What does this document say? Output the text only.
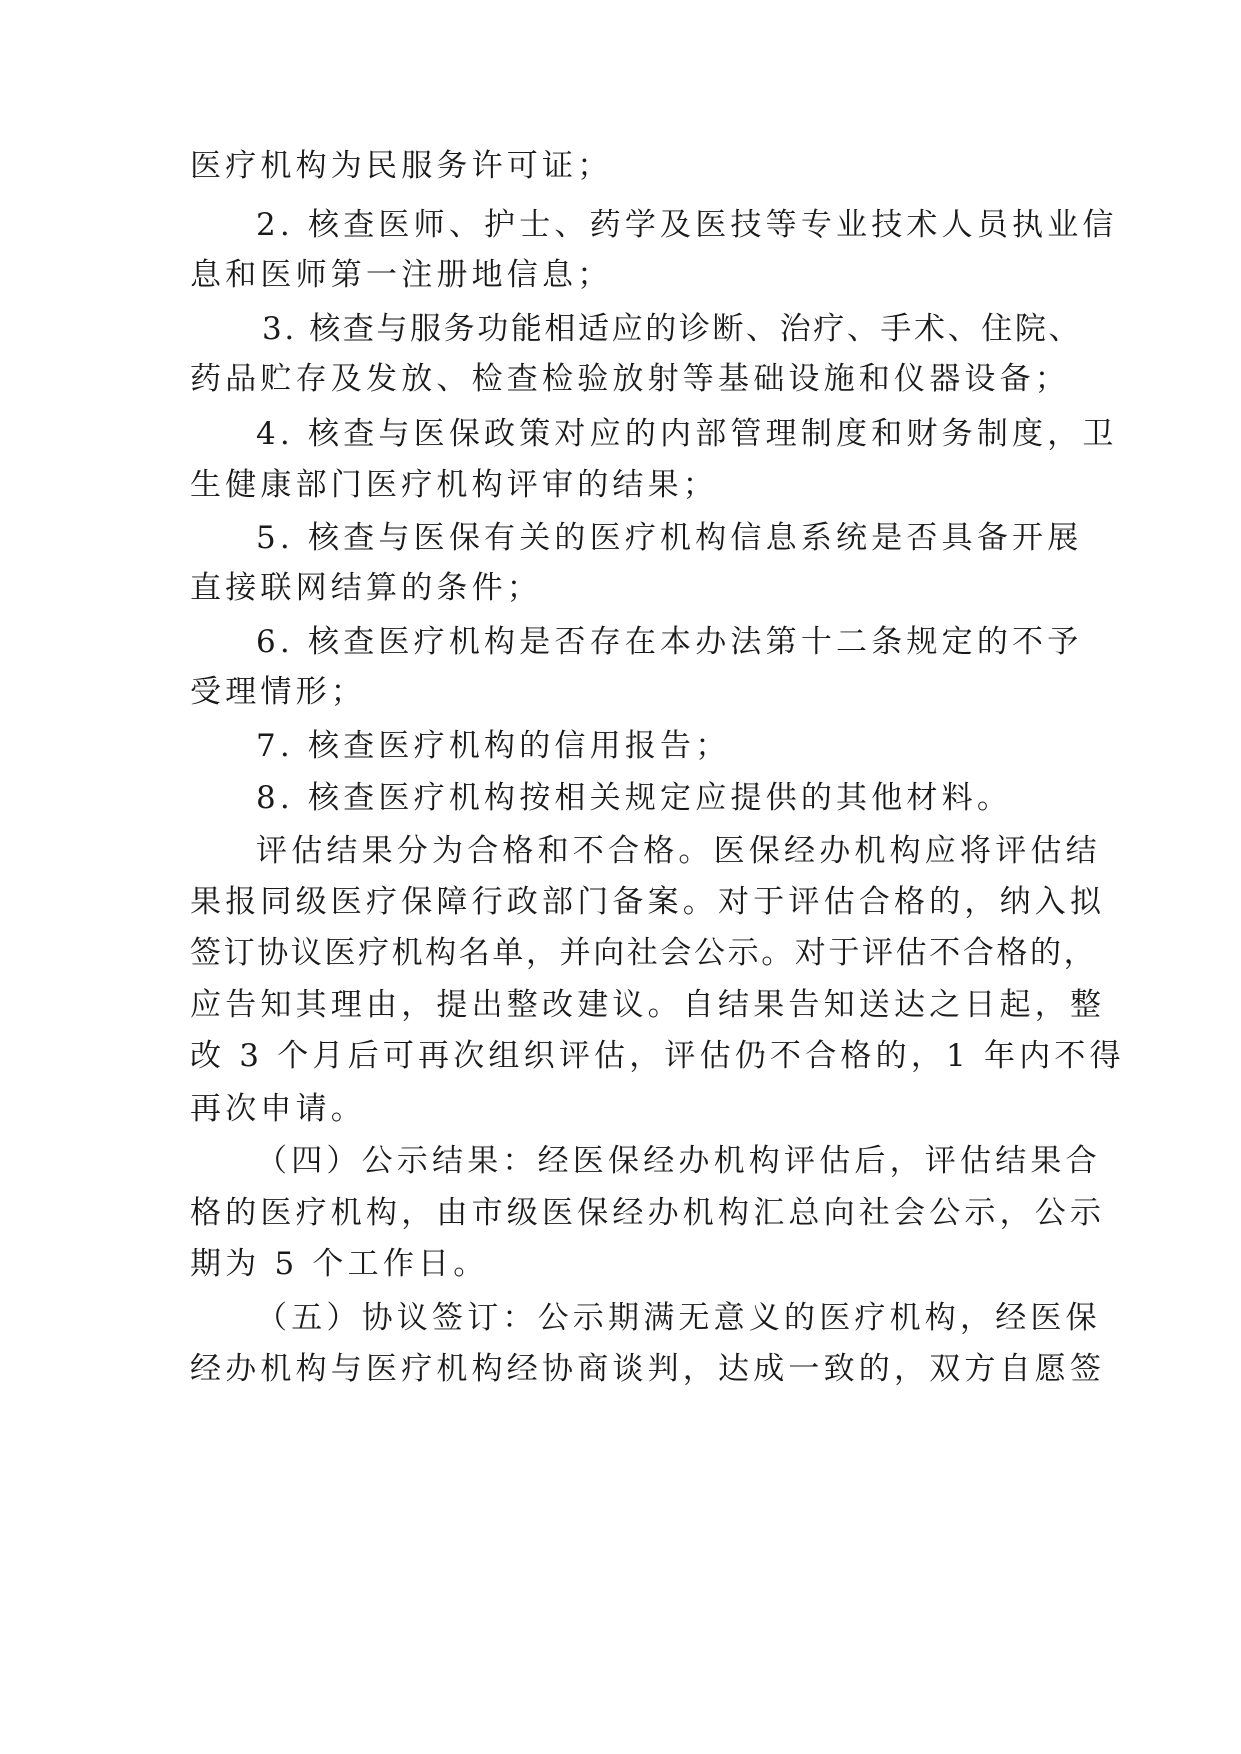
医疗机构为民服务许可证；
2. 核查医师、护士、药学及医技等专业技术人员执业信
息和医师第一注册地信息；
3. 核查与服务功能相适应的诊断、治疗、手术、住院、
药品贮存及发放、检查检验放射等基础设施和仪器设备；
4. 核查与医保政策对应的内部管理制度和财务制度，卫
生健康部门医疗机构评审的结果；
5. 核查与医保有关的医疗机构信息系统是否具备开展
直接联网结算的条件；
6. 核查医疗机构是否存在本办法第十二条规定的不予
受理情形；
7. 核查医疗机构的信用报告；
8. 核查医疗机构按相关规定应提供的其他材料。
评估结果分为合格和不合格。医保经办机构应将评估结
果报同级医疗保障行政部门备案。对于评估合格的，纳入拟
签订协议医疗机构名单，并向社会公示。对于评估不合格的，
应告知其理由，提出整改建议。自结果告知送达之日起，整
改 3 个月后可再次组织评估，评估仍不合格的，1 年内不得
再次申请。
（四）公示结果：经医保经办机构评估后，评估结果合
格的医疗机构，由市级医保经办机构汇总向社会公示，公示
期为 5 个工作日。
（五）协议签订：公示期满无意义的医疗机构，经医保
经办机构与医疗机构经协商谈判，达成一致的，双方自愿签
